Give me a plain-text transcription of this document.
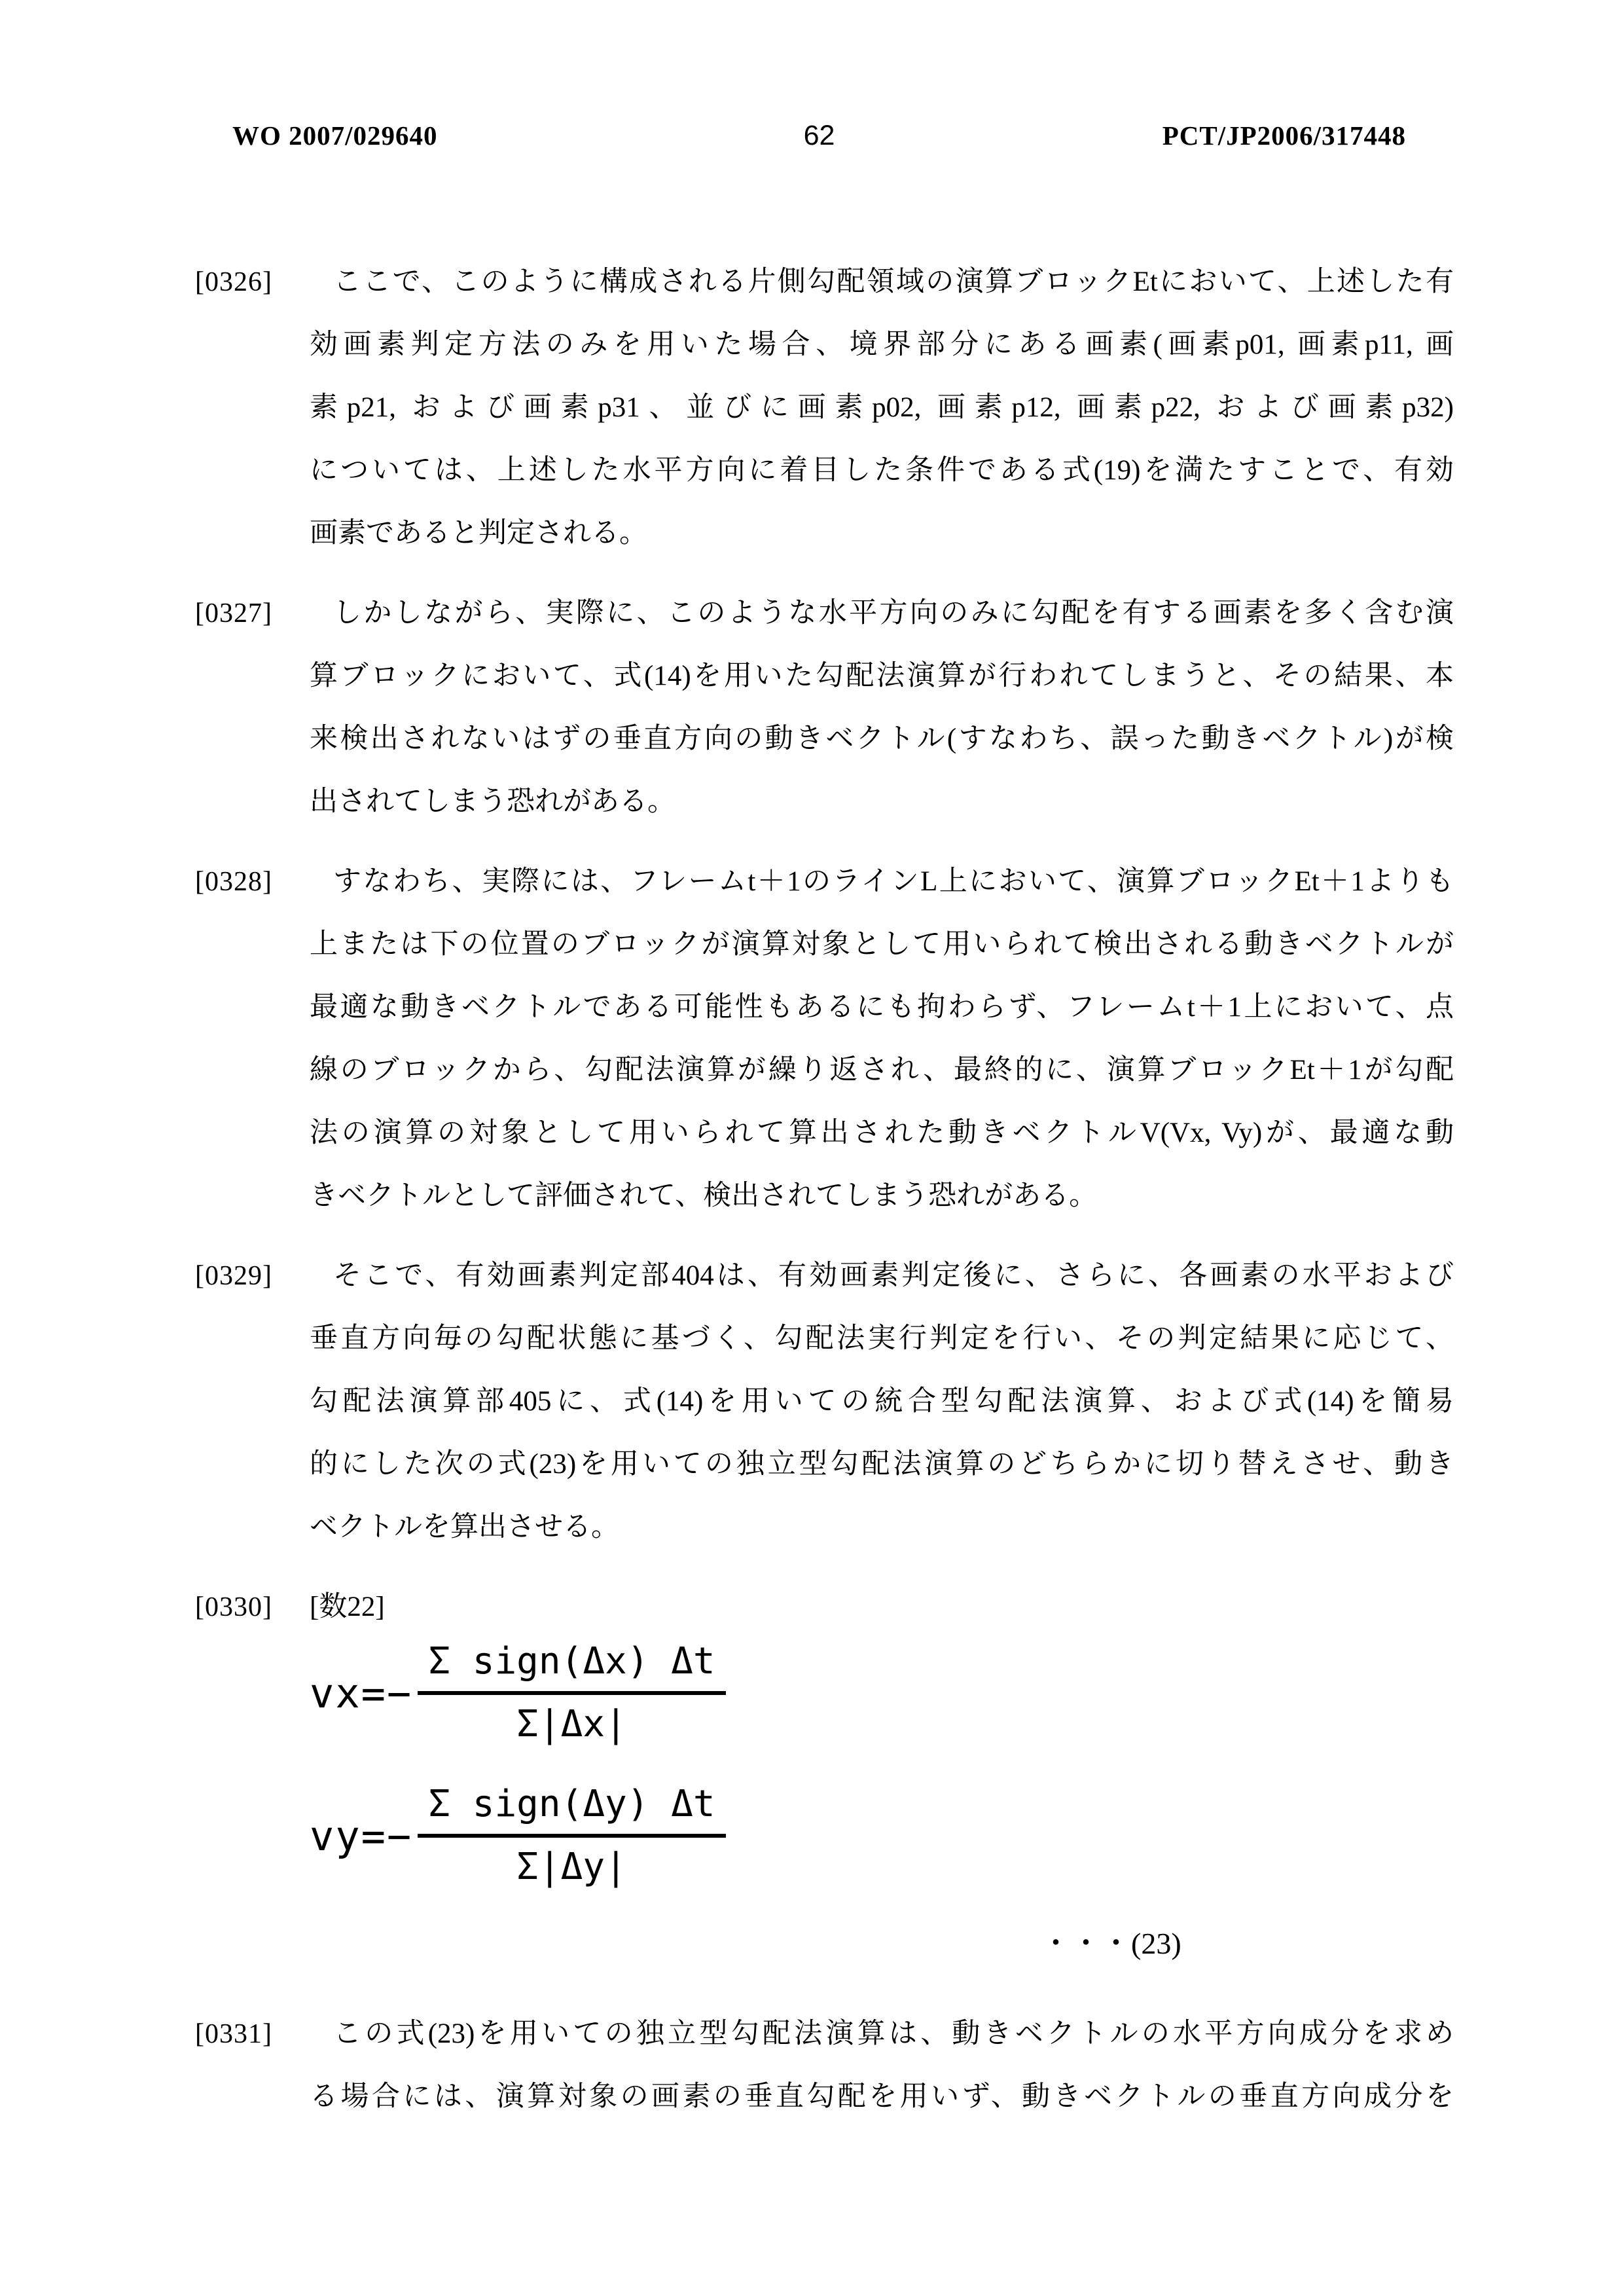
WO 2007/029640	62	PCT/JP2006/317448
[0326]	ここで、このように構成される片側勾配領域の演算ブロックEtにおいて、上述した有
効画素判定方法のみを用いた場合、境界部分にある画素(画素p01, 画素p11, 画
素p21, および画素p31、並びに画素p02, 画素p12, 画素p22, および画素p32)
については、上述した水平方向に着目した条件である式(19)を満たすことで、有効
画素であると判定される。
[0327]	しかしながら、実際に、このような水平方向のみに勾配を有する画素を多く含む演
算ブロックにおいて、式(14)を用いた勾配法演算が行われてしまうと、その結果、本
来検出されないはずの垂直方向の動きベクトル(すなわち、誤った動きベクトル)が検
出されてしまう恐れがある。
[0328]	すなわち、実際には、フレームt＋1のラインL上において、演算ブロックEt＋1よりも
上または下の位置のブロックが演算対象として用いられて検出される動きベクトルが
最適な動きベクトルである可能性もあるにも拘わらず、フレームt＋1上において、点
線のブロックから、勾配法演算が繰り返され、最終的に、演算ブロックEt＋1が勾配
法の演算の対象として用いられて算出された動きベクトルV(Vx, Vy)が、最適な動
きベクトルとして評価されて、検出されてしまう恐れがある。
[0329]	そこで、有効画素判定部404は、有効画素判定後に、さらに、各画素の水平および
垂直方向毎の勾配状態に基づく、勾配法実行判定を行い、その判定結果に応じて、
勾配法演算部405に、式(14)を用いての統合型勾配法演算、および式(14)を簡易
的にした次の式(23)を用いての独立型勾配法演算のどちらかに切り替えさせ、動き
ベクトルを算出させる。
[0330] [数22]
$vx=- \frac{\text{Σ sign(Δx) Δt}}{\Sigma|\Delta x|}$
$vy=- \frac{\text{Σ sign(Δy) Δt}}{\Sigma|\Delta y|}$
・・・(23)
[0331]	この式(23)を用いての独立型勾配法演算は、動きベクトルの水平方向成分を求め
る場合には、演算対象の画素の垂直勾配を用いず、動きベクトルの垂直方向成分を
